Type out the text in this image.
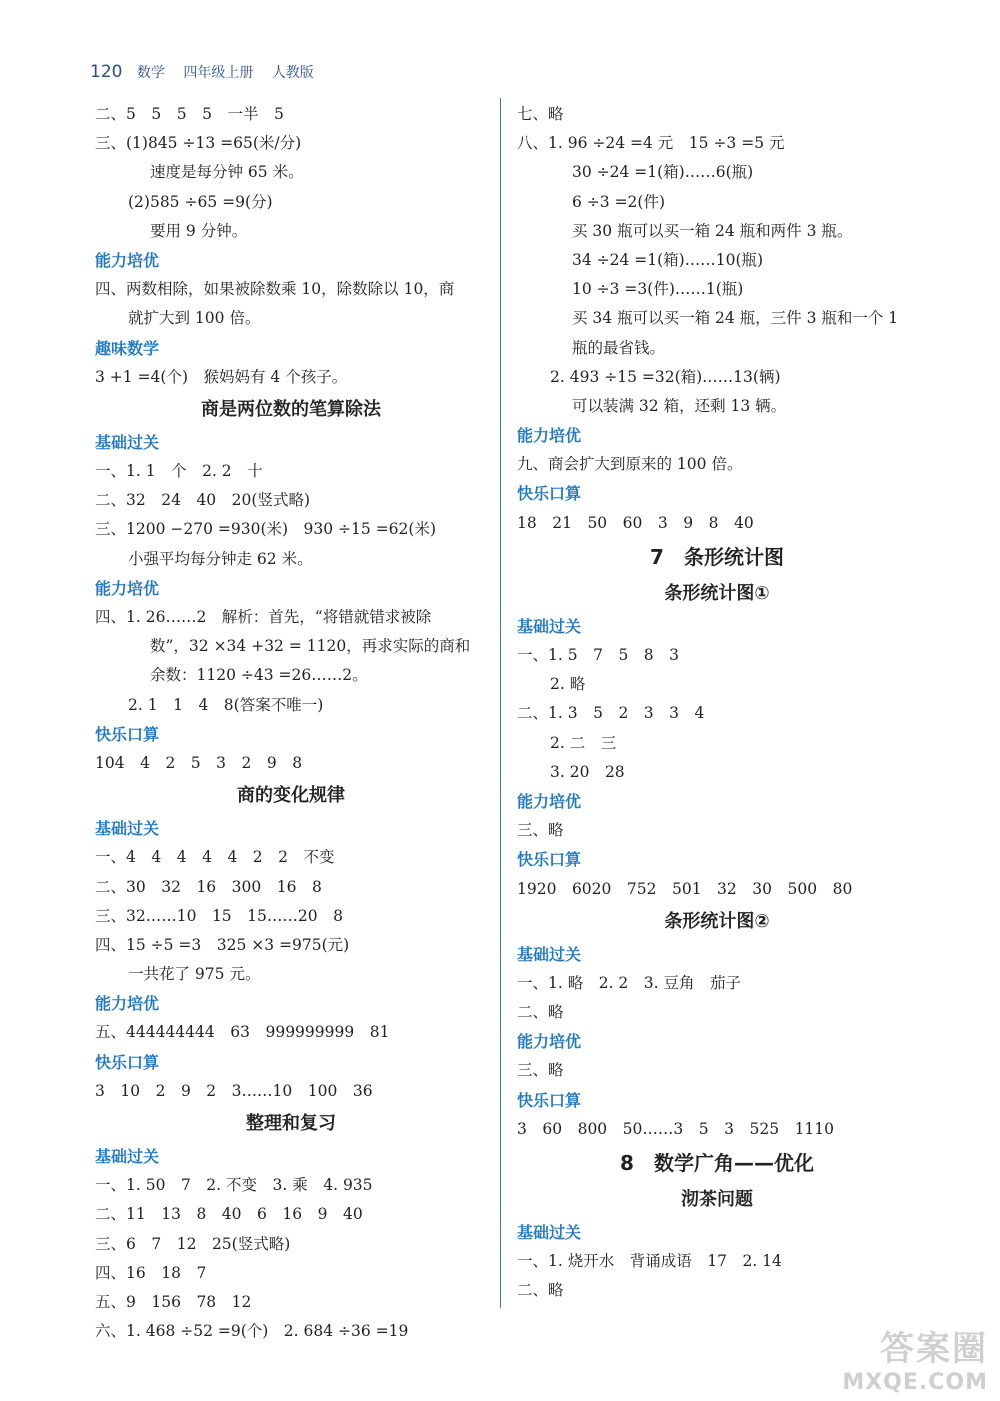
120 数学 四年级上册 人教版
二、5　5　5　5　一半　5
三、(1)845 ÷13 =65(米/分)
速度是每分钟 65 米。
(2)585 ÷65 =9(分)
要用 9 分钟。
能力培优
四、两数相除，如果被除数乘 10，除数除以 10，商
就扩大到 100 倍。
趣味数学
3 +1 =4(个)　猴妈妈有 4 个孩子。
商是两位数的笔算除法
基础过关
一、1. 1　个　2. 2　十
二、32　24　40　20(竖式略)
三、1200 −270 =930(米)　930 ÷15 =62(米)
小强平均每分钟走 62 米。
能力培优
四、1. 26……2　解析：首先，“将错就错求被除
数”，32 ×34 +32 = 1120，再求实际的商和
余数：1120 ÷43 =26……2。
2. 1　1　4　8(答案不唯一)
快乐口算
104　4　2　5　3　2　9　8
商的变化规律
基础过关
一、4　4　4　4　4　2　2　不变
二、30　32　16　300　16　8
三、32……10　15　15……20　8
四、15 ÷5 =3　325 ×3 =975(元)
一共花了 975 元。
能力培优
五、444444444　63　999999999　81
快乐口算
3　10　2　9　2　3……10　100　36
整理和复习
基础过关
一、1. 50　7　2. 不变　3. 乘　4. 935
二、11　13　8　40　6　16　9　40
三、6　7　12　25(竖式略)
四、16　18　7
五、9　156　78　12
六、1. 468 ÷52 =9(个)　2. 684 ÷36 =19
七、略
八、1. 96 ÷24 =4 元　15 ÷3 =5 元
30 ÷24 =1(箱)……6(瓶)
6 ÷3 =2(件)
买 30 瓶可以买一箱 24 瓶和两件 3 瓶。
34 ÷24 =1(箱)……10(瓶)
10 ÷3 =3(件)……1(瓶)
买 34 瓶可以买一箱 24 瓶，三件 3 瓶和一个 1
瓶的最省钱。
2. 493 ÷15 =32(箱)……13(辆)
可以装满 32 箱，还剩 13 辆。
能力培优
九、商会扩大到原来的 100 倍。
快乐口算
18　21　50　60　3　9　8　40
7　条形统计图
条形统计图①
基础过关
一、1. 5　7　5　8　3
2. 略
二、1. 3　5　2　3　3　4
2. 二　三
3. 20　28
能力培优
三、略
快乐口算
1920　6020　752　501　32　30　500　80
条形统计图②
基础过关
一、1. 略　2. 2　3. 豆角　茄子
二、略
能力培优
三、略
快乐口算
3　60　800　50……3　5　3　525　1110
8　数学广角——优化
沏茶问题
基础过关
一、1. 烧开水　背诵成语　17　2. 14
二、略
答案圈
MXQE.COM
